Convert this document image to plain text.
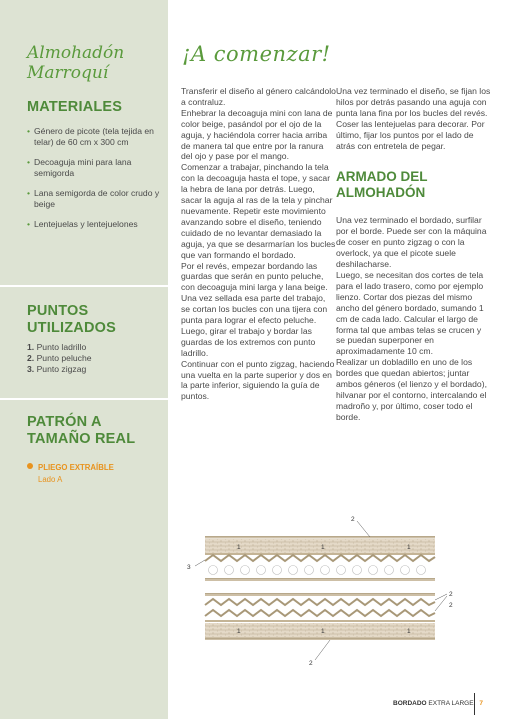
Almohadón
Marroquí
MATERIALES
• Género de picote (tela tejida en telar) de 60 cm x 300 cm
• Decoaguja mini para lana semigorda
• Lana semigorda de color crudo y beige
• Lentejuelas y lentejuelones
PUNTOS
UTILIZADOS
1. Punto ladrillo
2. Punto peluche
3. Punto zigzag
PATRÓN A
TAMAÑO REAL
PLIEGO EXTRAÍBLE
Lado A
¡A comenzar!

Transferir el diseño al género calcándolo a contraluz.

Enhebrar la decoaguja mini con lana de color beige, pasándol por el ojo de la aguja, y haciéndola correr hacia arriba de manera tal que entre por la ranura del ojo y pase por el mango.

Comenzar a trabajar, pinchando la tela con la decoaguja hasta el tope, y sacar la hebra de lana por detrás. Luego, sacar la aguja al ras de la tela y pinchar nuevamente. Repetir este movimiento avanzando sobre el diseño, teniendo cuidado de no levantar demasiado la aguja, ya que se desarmarían los bucles que van formando el bordado.

Por el revés, empezar bordando las guardas que serán en punto peluche, con decoaguja mini larga y lana beige. Una vez sellada esa parte del trabajo, se cortan los bucles con una tijera con punta para lograr el efecto peluche.

Luego, girar el trabajo y bordar las guardas de los extremos con punto ladrillo.

Continuar con el punto zigzag, haciendo una vuelta en la parte superior y dos en la parte inferior, siguiendo la guía de puntos.

Una vez terminado el diseño, se fijan los hilos por detrás pasando una aguja con punta lana fina por los bucles del revés.

Coser las lentejuelas para decorar. Por último, fijar los puntos por el lado de atrás con entretela de pegar.

ARMADO DEL
ALMOHADÓN

Una vez terminado el bordado, surfilar por el borde. Puede ser con la máquina de coser en punto zigzag o con la overlock, ya que el picote suele deshilacharse.

Luego, se necesitan dos cortes de tela para el lado trasero, como por ejemplo lienzo. Cortar dos piezas del mismo ancho del género bordado, sumando 1 cm de cada lado. Calcular el largo de forma tal que ambas telas se crucen y se puedan superponer en aproximadamente 10 cm.

Realizar un dobladillo en uno de los bordes que quedan abiertos; juntar ambos géneros (el lienzo y el bordado), hilvanar por el contorno, intercalando el madroño y, por último, coser todo el borde.

2
1	1	1
3
2
2
1	1	1
2
BORDADO EXTRA LARGE 7
